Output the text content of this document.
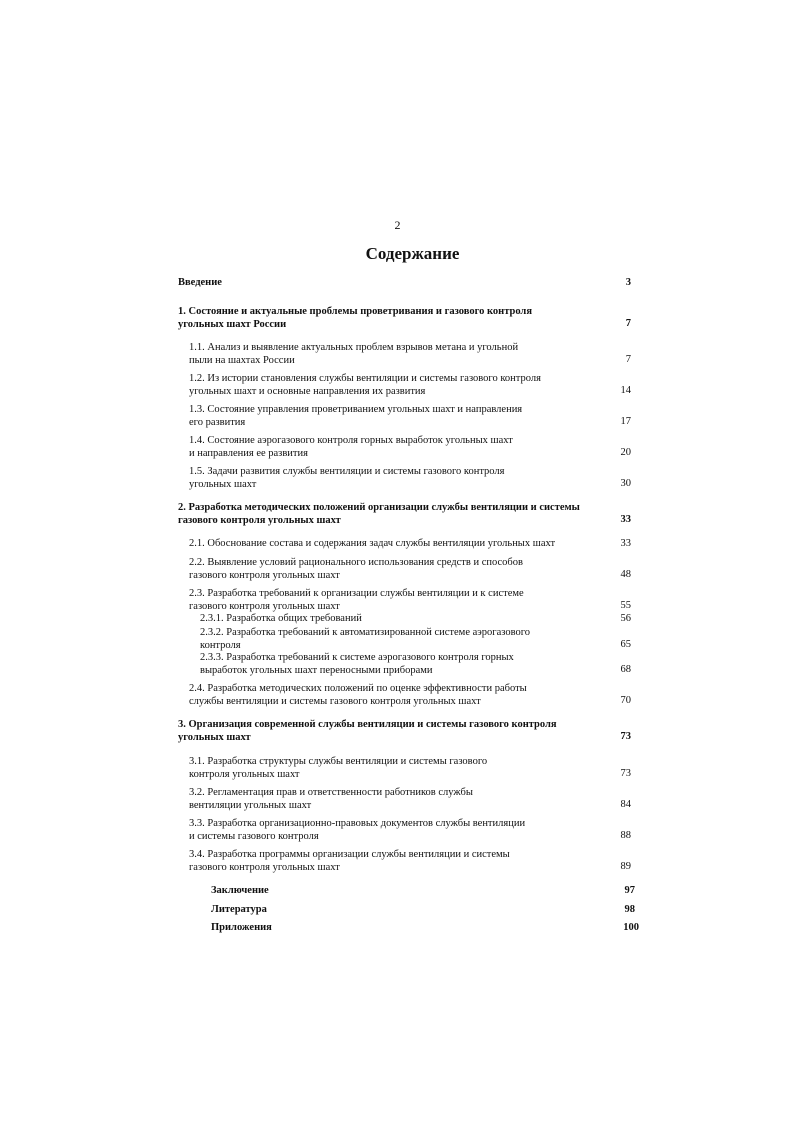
2
Содержание
Введение	3
1. Состояние и актуальные проблемы проветривания и газового контроля
угольных шахт России	7
1.1. Анализ и выявление актуальных проблем взрывов метана и угольной
пыли на шахтах России	7
1.2. Из истории становления службы вентиляции и системы газового контроля
угольных шахт и основные направления их развития	14
1.3. Состояние управления проветриванием угольных шахт и направления
его развития	17
1.4. Состояние аэрогазового контроля горных выработок угольных шахт
и направления ее развития	20
1.5. Задачи развития службы вентиляции и системы газового контроля
угольных шахт	30
2. Разработка методических положений организации службы вентиляции и системы
газового контроля угольных шахт	33
2.1. Обоснование состава и содержания задач службы вентиляции угольных шахт	33
2.2. Выявление условий рационального использования средств и способов
газового контроля угольных шахт	48
2.3. Разработка требований к организации службы вентиляции и к системе
газового контроля угольных шахт	55
2.3.1. Разработка общих требований	56
2.3.2. Разработка требований к автоматизированной системе аэрогазового
контроля	65
2.3.3. Разработка требований к системе аэрогазового контроля горных
выработок угольных шахт переносными приборами	68
2.4. Разработка методических положений по оценке эффективности работы
службы вентиляции и системы газового контроля угольных шахт	70
3. Организация современной службы вентиляции и системы газового контроля
угольных шахт	73
3.1. Разработка структуры службы вентиляции и системы газового
контроля угольных шахт	73
3.2. Регламентация прав и ответственности работников службы
вентиляции угольных шахт	84
3.3. Разработка организационно-правовых документов службы вентиляции
и системы газового контроля	88
3.4. Разработка программы организации службы вентиляции и системы
газового контроля угольных шахт	89
Заключение	97
Литература	98
Приложения	100
